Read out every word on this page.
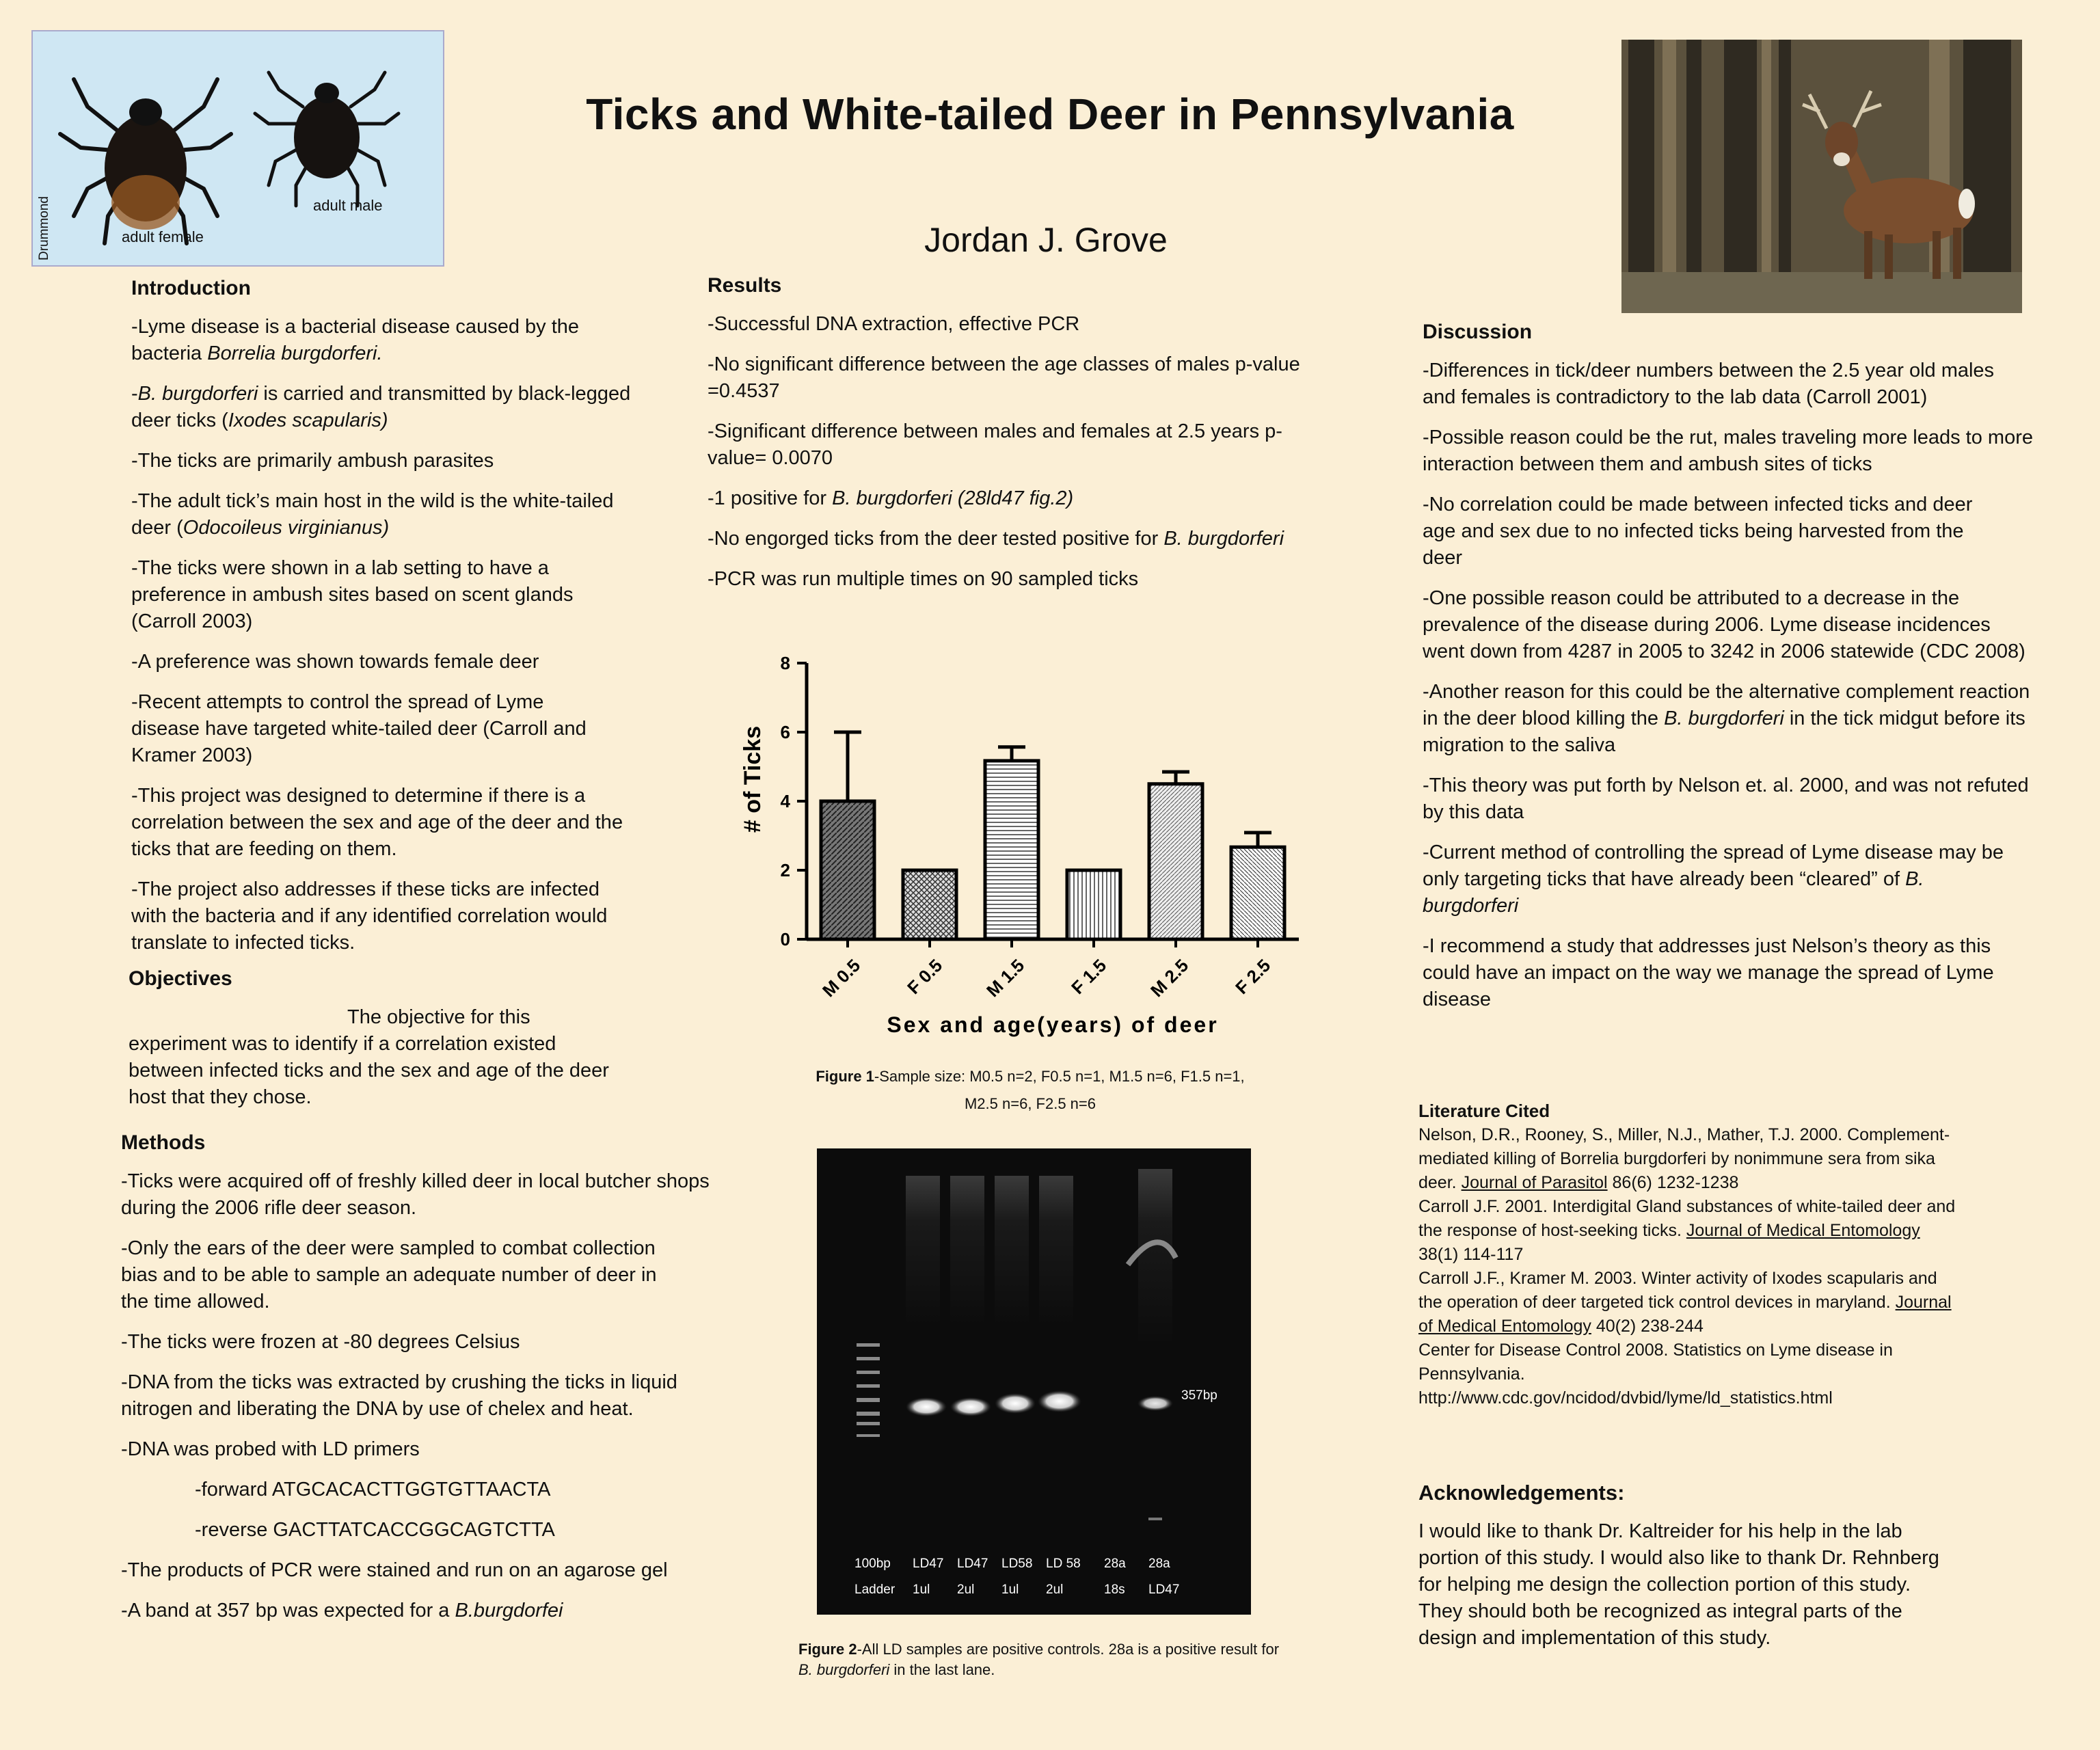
Ticks and White-tailed Deer in Pennsylvania
Jordan J. Grove
Drummond	adult male
adult female
Introduction

-Lyme disease is a bacterial disease caused by the bacteria Borrelia burgdorferi.

-B. burgdorferi is carried and transmitted by black-legged deer ticks (Ixodes scapularis)

-The ticks are primarily ambush parasites

-The adult tick’s main host in the wild is the white-tailed deer (Odocoileus virginianus)

-The ticks were shown in a lab setting to have a preference in ambush sites based on scent glands (Carroll 2003)

-A preference was shown towards female deer

-Recent attempts to control the spread of Lyme disease have targeted white-tailed deer (Carroll and Kramer 2003)

-This project was designed to determine if there is a correlation between the sex and age of the deer and the ticks that are feeding on them.

-The project also addresses if these ticks are infected with the bacteria and if any identified correlation would translate to infected ticks.

Objectives
The objective for this experiment was to identify if a correlation existed between infected ticks and the sex and age of the deer host that they chose.
Methods

-Ticks were acquired off of freshly killed deer in local butcher shops during the 2006 rifle deer season.

-Only the ears of the deer were sampled to combat collection bias and to be able to sample an adequate number of deer in the time allowed.

-The ticks were frozen at -80 degrees Celsius

-DNA from the ticks was extracted by crushing the ticks in liquid nitrogen and liberating the DNA by use of chelex and heat.

-DNA was probed with LD primers

-forward ATGCACACTTGGTGTTAACTA

-reverse GACTTATCACCGGCAGTCTTA

-The products of PCR were stained and run on an agarose gel

-A band at 357 bp was expected for a B.burgdorfei

Results

-Successful DNA extraction, effective PCR

-No significant difference between the age classes of males p-value =0.4537

-Significant difference between males and females at 2.5 years p-value= 0.0070

-1 positive for B. burgdorferi (28ld47 fig.2)

-No engorged ticks from the deer tested positive for B. burgdorferi

-PCR was run multiple times on 90 sampled ticks

0
2
4
6
8
M 0.5 F 0.5 M 1.5 F 1.5 M 2.5 F 2.5
# of Ticks
Sex and age(years) of deer
Figure 1-Sample size: M0.5 n=2, F0.5 n=1, M1.5 n=6, F1.5 n=1,
M2.5 n=6, F2.5 n=6
357bp
100bp LD47 LD47 LD58 LD 58 28a 28a
Ladder 1ul 2ul 1ul 2ul	18s LD47
Figure 2-All LD samples are positive controls. 28a is a positive result for B. burgdorferi in the last lane.
Discussion

-Differences in tick/deer numbers between the 2.5 year old males and females is contradictory to the lab data (Carroll 2001)

-Possible reason could be the rut, males traveling more leads to more interaction between them and ambush sites of ticks

-No correlation could be made between infected ticks and deer age and sex due to no infected ticks being harvested from the deer

-One possible reason could be attributed to a decrease in the prevalence of the disease during 2006. Lyme disease incidences went down from 4287 in 2005 to 3242 in 2006 statewide (CDC 2008)

-Another reason for this could be the alternative complement reaction in the deer blood killing the B. burgdorferi in the tick midgut before its migration to the saliva

-This theory was put forth by Nelson et. al. 2000, and was not refuted by this data

-Current method of controlling the spread of Lyme disease may be only targeting ticks that have already been “cleared” of B. burgdorferi

-I recommend a study that addresses just Nelson’s theory as this could have an impact on the way we manage the spread of Lyme disease

Literature Cited
Nelson, D.R., Rooney, S., Miller, N.J., Mather, T.J. 2000. Complement-mediated killing of Borrelia burgdorferi by nonimmune sera from sika deer. Journal of Parasitol 86(6) 1232-1238
Carroll J.F. 2001. Interdigital Gland substances of white-tailed deer and the response of host-seeking ticks. Journal of Medical Entomology 38(1) 114-117
Carroll J.F., Kramer M. 2003. Winter activity of Ixodes scapularis and the operation of deer targeted tick control devices in maryland. Journal of Medical Entomology 40(2) 238-244
Center for Disease Control 2008. Statistics on Lyme disease in Pennsylvania.
http://www.cdc.gov/ncidod/dvbid/lyme/ld_statistics.html
Acknowledgements:
I would like to thank Dr. Kaltreider for his help in the lab portion of this study. I would also like to thank Dr. Rehnberg for helping me design the collection portion of this study. They should both be recognized as integral parts of the design and implementation of this study.
